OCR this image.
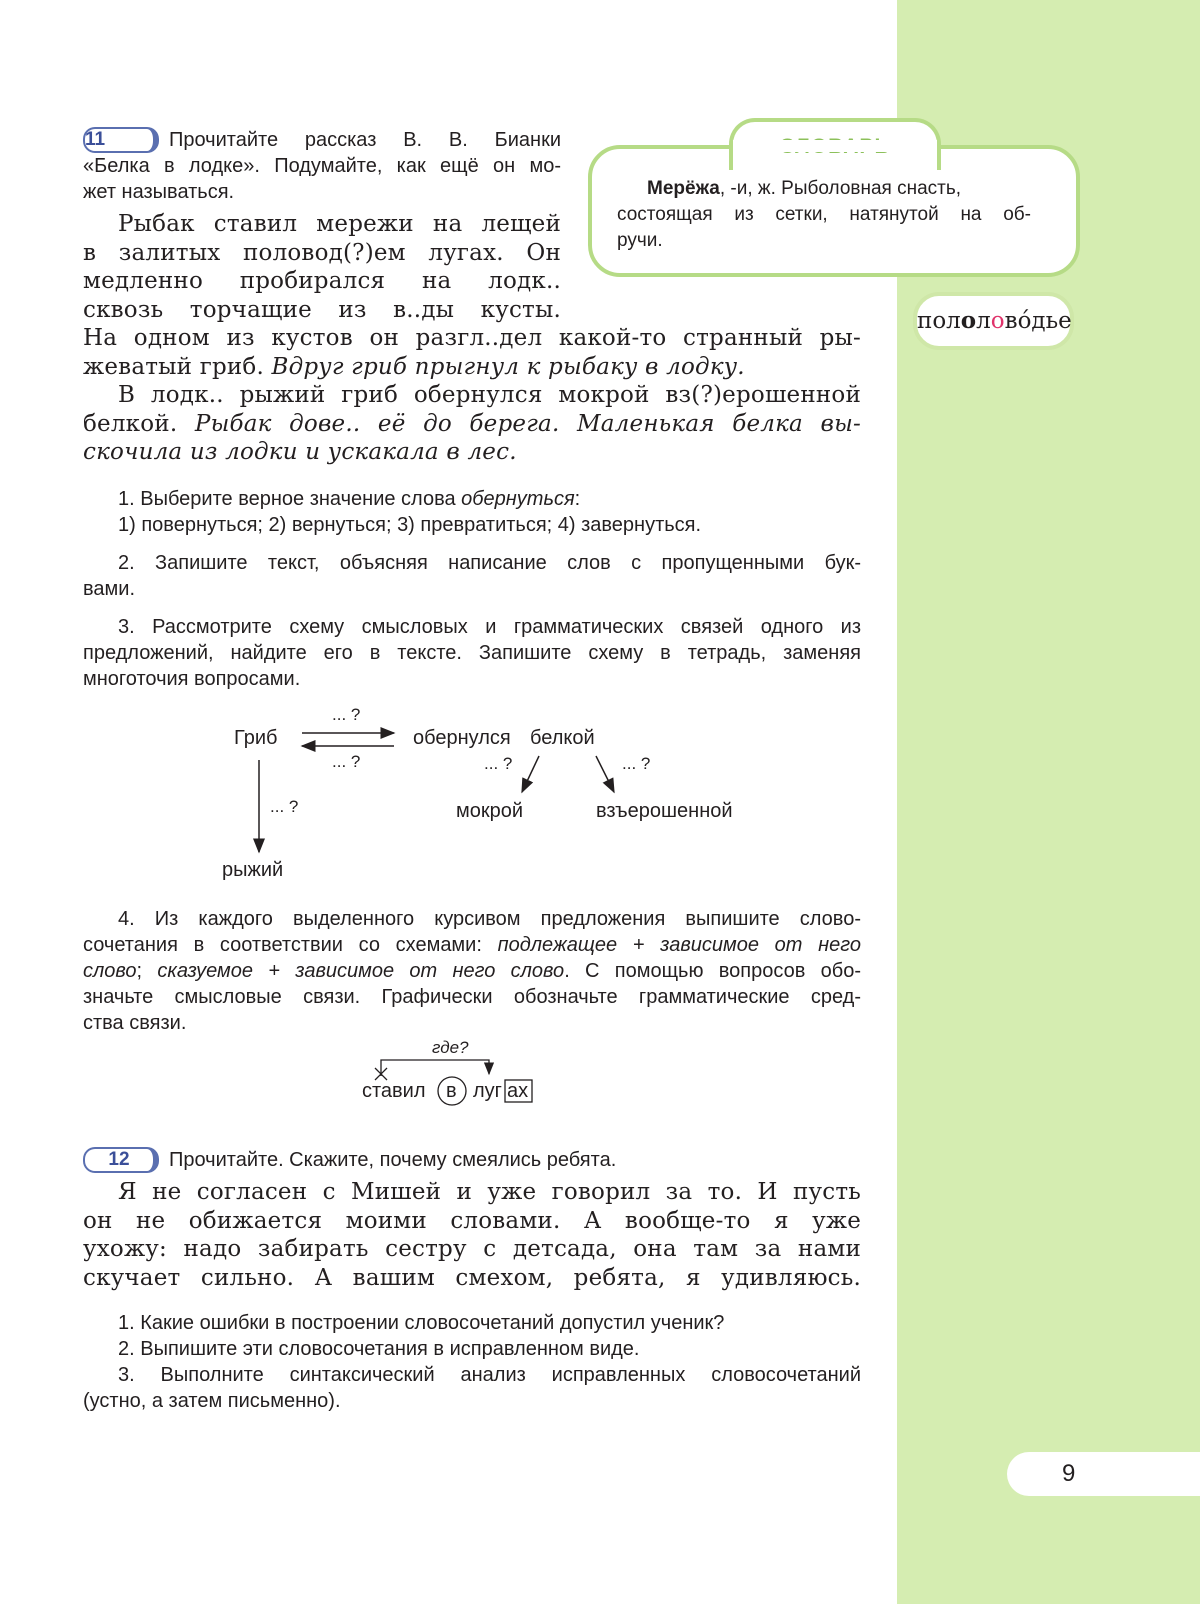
11	Прочитайте рассказ В. В. Бианки

«Белка в лодке». Подумайте, как ещё он мо-

жет называться.

Рыбак ставил мережи на лещей

в залитых половод(?)ем лугах. Он

медленно пробирался на лодк..

сквозь торчащие из в..ды кусты.

На одном из кустов он разгл..дел какой-то странный ры-

жеватый гриб. Вдруг гриб прыгнул к рыбаку в лодку.

В лодк.. рыжий гриб обернулся мокрой вз(?)ерошенной

белкой. Рыбак дове.. её до берега. Маленькая белка вы-

скочила из лодки и ускакала в лес.

1. Выберите верное значение слова обернуться:

1) повернуться; 2) вернуться; 3) превратиться; 4) завернуться.

2. Запишите текст, объясняя написание слов с пропущенными бук-

вами.

3. Рассмотрите схему смысловых и грамматических связей одного из

предложений, найдите его в тексте. Запишите схему в тетрадь, заменяя

многоточия вопросами.

Гриб	обернулся белкой
мокрой	взъерошенной
рыжий
... ?
... ?
... ?
... ?	... ?

4. Из каждого выделенного курсивом предложения выпишите слово-

сочетания в соответствии со схемами: подлежащее + зависимое от него

слово; сказуемое + зависимое от него слово. С помощью вопросов обо-

значьте смысловые связи. Графически обозначьте грамматические сред-

ства связи.

где?
ставил в луг ах

12 Прочитайте. Скажите, почему смеялись ребята.

Я не согласен с Мишей и уже говорил за то. И пусть

он не обижается моими словами. А вообще-то я уже

ухожу: надо забирать сестру с детсада, она там за нами

скучает сильно. А вашим смехом, ребята, я удивляюсь.

1. Какие ошибки в построении словосочетаний допустил ученик?

2. Выпишите эти словосочетания в исправленном виде.

3. Выполните синтаксический анализ исправленных словосочетаний

(устно, а затем письменно).

Мерёжа, -и, ж. Рыболовная снасть,

состоящая из сетки, натянутой на об-

ручи.

пололово́дье
9
